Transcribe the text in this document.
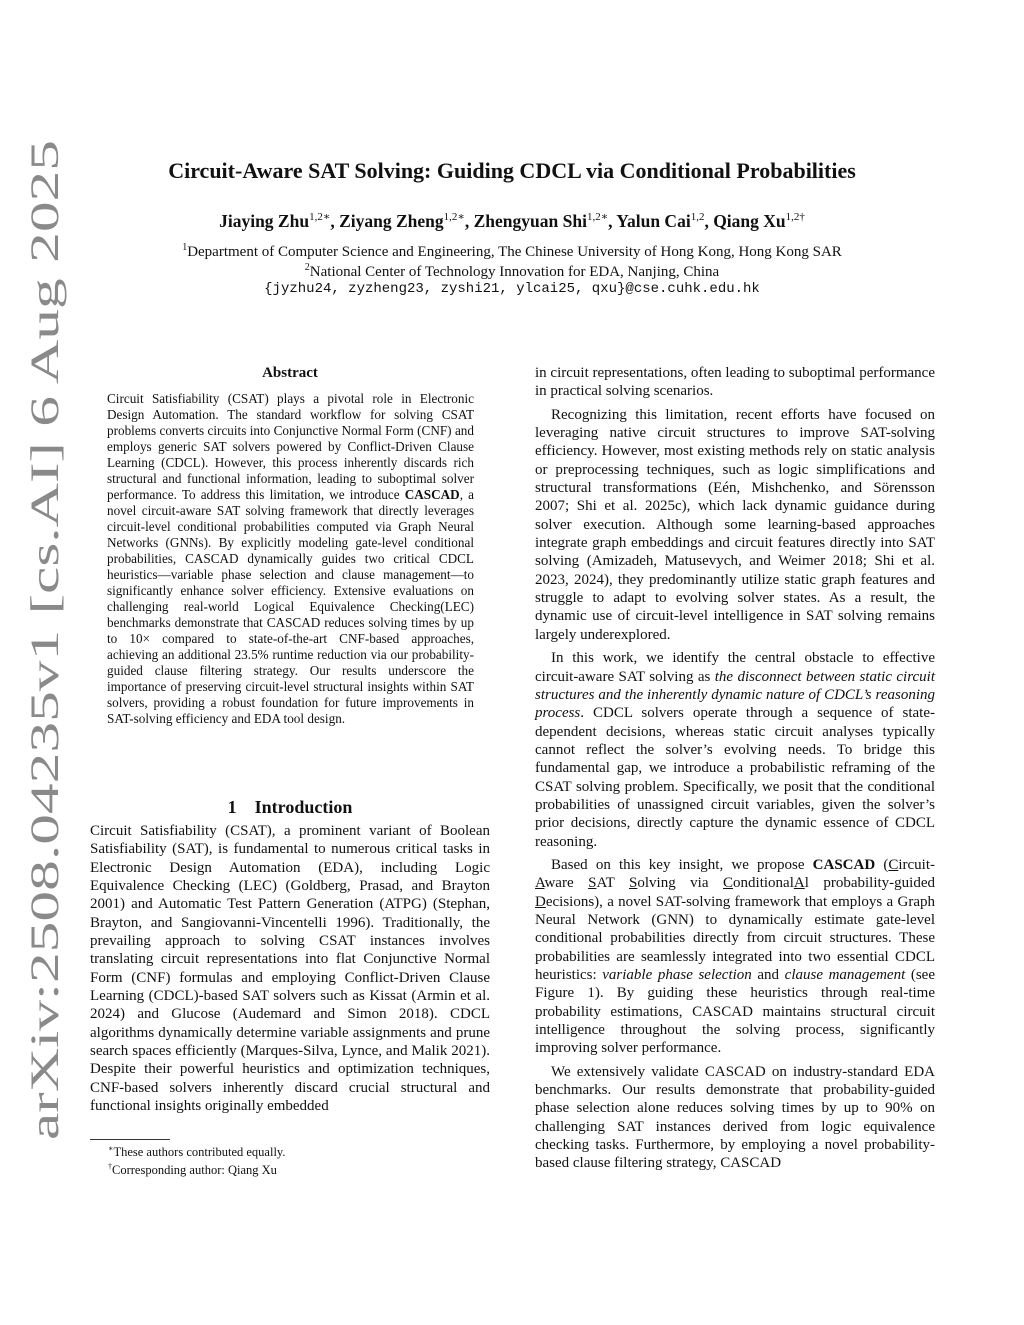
arXiv:2508.04235v1 [cs.AI] 6 Aug 2025
Circuit-Aware SAT Solving: Guiding CDCL via Conditional Probabilities
Jiaying Zhu$^{1,2∗}$, Ziyang Zheng$^{1,2∗}$, Zhengyuan Shi$^{1,2∗}$, Yalun Cai$^{1,2}$, Qiang $Xu^{1,2\dagger}$
$^1$Department of Computer Science and Engineering, The Chinese University of Hong Kong, Hong Kong SAR
$^2$National Center of Technology Innovation for EDA, Nanjing, China
{jyzhu24, zyzheng23, zyshi21, ylcai25, qxu}@cse.cuhk.edu.hk
Abstract
Circuit Satisfiability (CSAT) plays a pivotal role in Electronic Design Automation. The standard workflow for solving CSAT problems converts circuits into Conjunctive Normal Form (CNF) and employs generic SAT solvers powered by Conflict-Driven Clause Learning (CDCL). However, this process inherently discards rich structural and functional information, leading to suboptimal solver performance. To address this limitation, we introduce CASCAD, a novel circuit-aware SAT solving framework that directly leverages circuit-level conditional probabilities computed via Graph Neural Networks (GNNs). By explicitly modeling gate-level conditional probabilities, CASCAD dynamically guides two critical CDCL heuristics—variable phase selection and clause management—to significantly enhance solver efficiency. Extensive evaluations on challenging real-world Logical Equivalence Checking(LEC) benchmarks demonstrate that CASCAD reduces solving times by up to 10× compared to state-of-the-art CNF-based approaches, achieving an additional 23.5% runtime reduction via our probability-guided clause filtering strategy. Our results underscore the importance of preserving circuit-level structural insights within SAT solvers, providing a robust foundation for future improvements in SAT-solving efficiency and EDA tool design.
1 Introduction
Circuit Satisfiability (CSAT), a prominent variant of Boolean Satisfiability (SAT), is fundamental to numerous critical tasks in Electronic Design Automation (EDA), including Logic Equivalence Checking (LEC) (Goldberg, Prasad, and Brayton 2001) and Automatic Test Pattern Generation (ATPG) (Stephan, Brayton, and Sangiovanni-Vincentelli 1996). Traditionally, the prevailing approach to solving CSAT instances involves translating circuit representations into flat Conjunctive Normal Form (CNF) formulas and employing Conflict-Driven Clause Learning (CDCL)-based SAT solvers such as Kissat (Armin et al. 2024) and Glucose (Audemard and Simon 2018). CDCL algorithms dynamically determine variable assignments and prune search spaces efficiently (Marques-Silva, Lynce, and Malik 2021). Despite their powerful heuristics and optimization techniques, CNF-based solvers inherently discard crucial structural and functional insights originally embedded
∗These authors contributed equally.
†Corresponding author: Qiang Xu

in circuit representations, often leading to suboptimal performance in practical solving scenarios.

Recognizing this limitation, recent efforts have focused on leveraging native circuit structures to improve SAT-solving efficiency. However, most existing methods rely on static analysis or preprocessing techniques, such as logic simplifications and structural transformations (Eén, Mishchenko, and Sörensson 2007; Shi et al. 2025c), which lack dynamic guidance during solver execution. Although some learning-based approaches integrate graph embeddings and circuit features directly into SAT solving (Amizadeh, Matusevych, and Weimer 2018; Shi et al. 2023, 2024), they predominantly utilize static graph features and struggle to adapt to evolving solver states. As a result, the dynamic use of circuit-level intelligence in SAT solving remains largely underexplored.

In this work, we identify the central obstacle to effective circuit-aware SAT solving as the disconnect between static circuit structures and the inherently dynamic nature of CDCL’s reasoning process. CDCL solvers operate through a sequence of state-dependent decisions, whereas static circuit analyses typically cannot reflect the solver’s evolving needs. To bridge this fundamental gap, we introduce a probabilistic reframing of the CSAT solving problem. Specifically, we posit that the conditional probabilities of unassigned circuit variables, given the solver’s prior decisions, directly capture the dynamic essence of CDCL reasoning.

Based on this key insight, we propose CASCAD (Circuit-Aware SAT Solving via ConditionalAl probability-guided Decisions), a novel SAT-solving framework that employs a Graph Neural Network (GNN) to dynamically estimate gate-level conditional probabilities directly from circuit structures. These probabilities are seamlessly integrated into two essential CDCL heuristics: variable phase selection and clause management (see Figure 1). By guiding these heuristics through real-time probability estimations, CASCAD maintains structural circuit intelligence throughout the solving process, significantly improving solver performance.

We extensively validate CASCAD on industry-standard EDA benchmarks. Our results demonstrate that probability-guided phase selection alone reduces solving times by up to 90% on challenging SAT instances derived from logic equivalence checking tasks. Furthermore, by employing a novel probability-based clause filtering strategy, CASCAD
